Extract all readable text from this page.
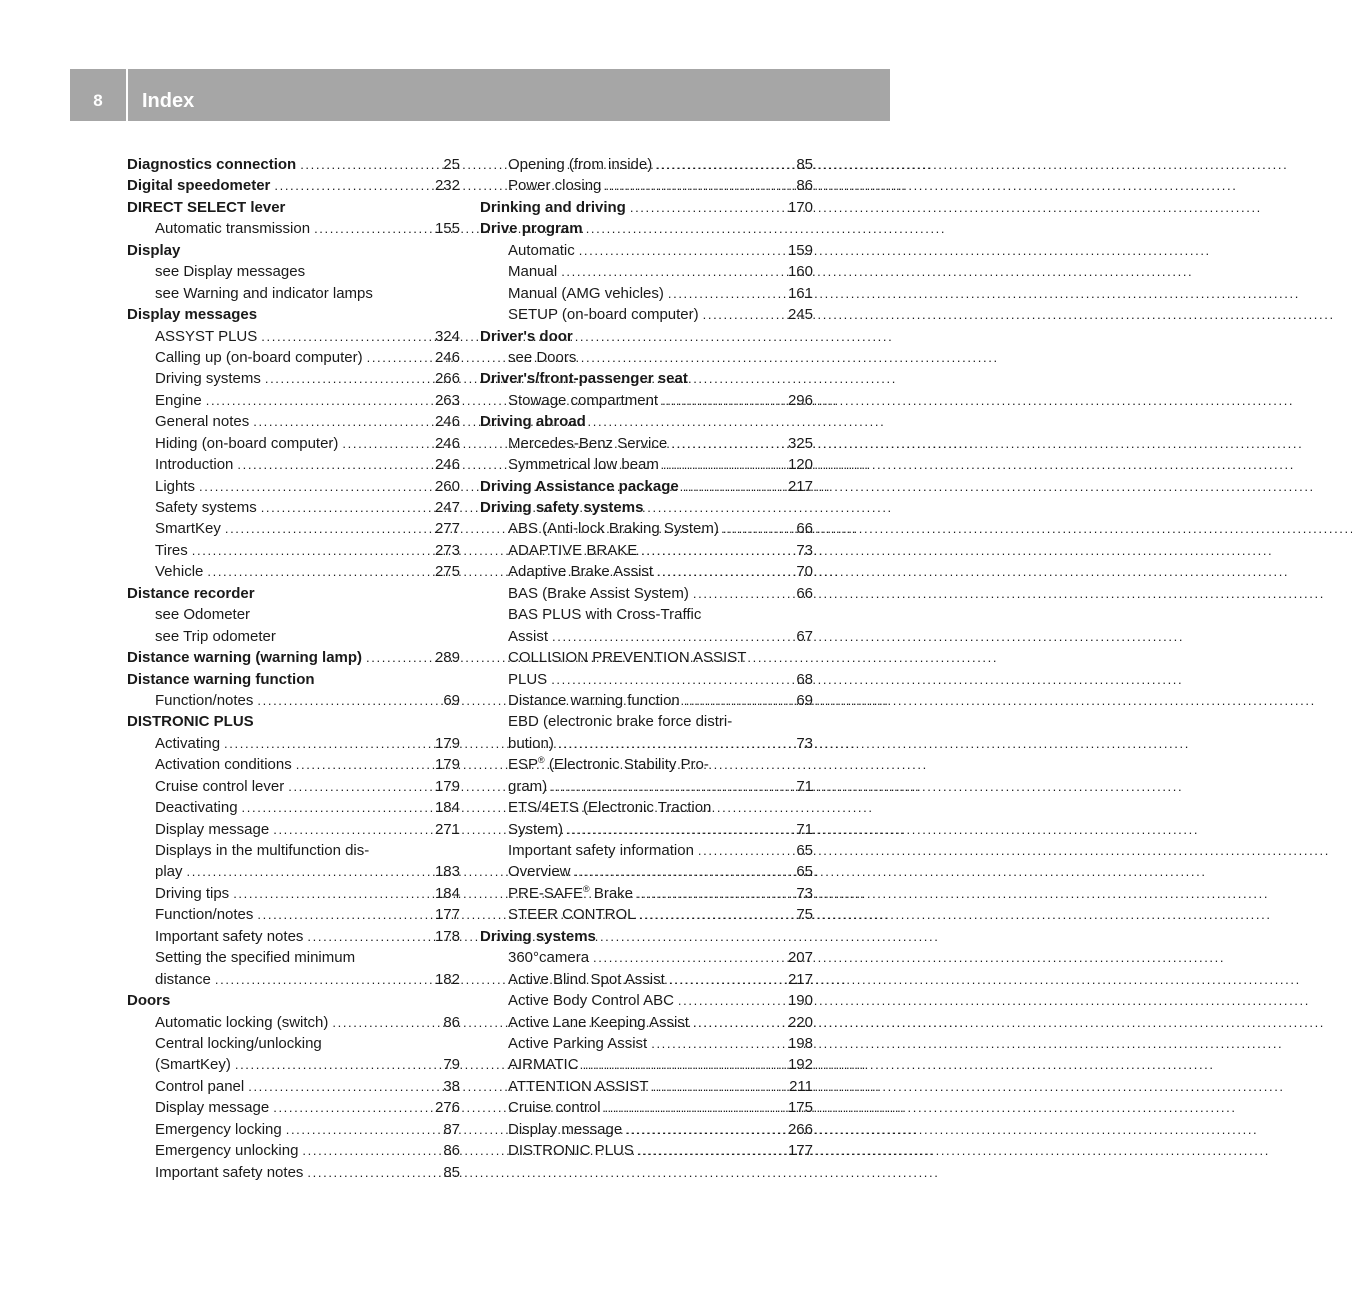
8	Index
Diagnostics connection . . .	25
Digital speedometer . . .	232
DIRECT SELECT lever
Automatic transmission . . .	155
Display
see Display messages
see Warning and indicator lamps
Display messages
ASSYST PLUS . . .	324
Calling up (on-board computer) . . .	246
Driving systems . . .	266
Engine . . .	263
General notes . . .	246
Hiding (on-board computer) . . .	246
Introduction . . .	246
Lights . . .	260
Safety systems . . .	247
SmartKey . . .	277
Tires . . .	273
Vehicle . . .	275
Distance recorder
see Odometer
see Trip odometer
Distance warning (warning lamp) . . .	289
Distance warning function
Function/notes . . .	69
DISTRONIC PLUS
Activating . . .	179
Activation conditions . . .	179
Cruise control lever . . .	179
Deactivating . . .	184
Display message . . .	271
Displays in the multifunction dis-
play . . .	183
Driving tips . . .	184
Function/notes . . .	177
Important safety notes . . .	178
Setting the specified minimum
distance . . .	182
Doors
Automatic locking (switch) . . .	86
Central locking/unlocking
(SmartKey) . . .	79
Control panel . . .	38
Display message . . .	276
Emergency locking . . .	87
Emergency unlocking . . .	86
Important safety notes . . .	85
Opening (from inside) . . .	85
Power closing . . .	86
Drinking and driving . . .	170
Drive program
Automatic . . .	159
Manual . . .	160
Manual (AMG vehicles) . . .	161
SETUP (on-board computer) . . .	245
Driver's door
see Doors
Driver's/front-passenger seat
Stowage compartment . . .	296
Driving abroad
Mercedes-Benz Service . . .	325
Symmetrical low beam . . .	120
Driving Assistance package . . .	217
Driving safety systems
ABS (Anti-lock Braking System) . . .	66
ADAPTIVE BRAKE . . .	73
Adaptive Brake Assist . . .	70
BAS (Brake Assist System) . . .	66
BAS PLUS with Cross-Traffic
Assist . . .	67
COLLISION PREVENTION ASSIST
PLUS . . .	68
Distance warning function . . .	69
EBD (electronic brake force distri-
bution) . . .	73
ESP® (Electronic Stability Pro-
gram) . . .	71
ETS/4ETS (Electronic Traction
System) . . .	71
Important safety information . . .	65
Overview . . .	65
PRE-SAFE® Brake . . .	73
STEER CONTROL . . .	75
Driving systems
360°camera . . .	207
Active Blind Spot Assist . . .	217
Active Body Control ABC . . .	190
Active Lane Keeping Assist . . .	220
Active Parking Assist . . .	198
AIRMATIC . . .	192
ATTENTION ASSIST . . .	211
Cruise control . . .	175
Display message . . .	266
DISTRONIC PLUS . . .	177
